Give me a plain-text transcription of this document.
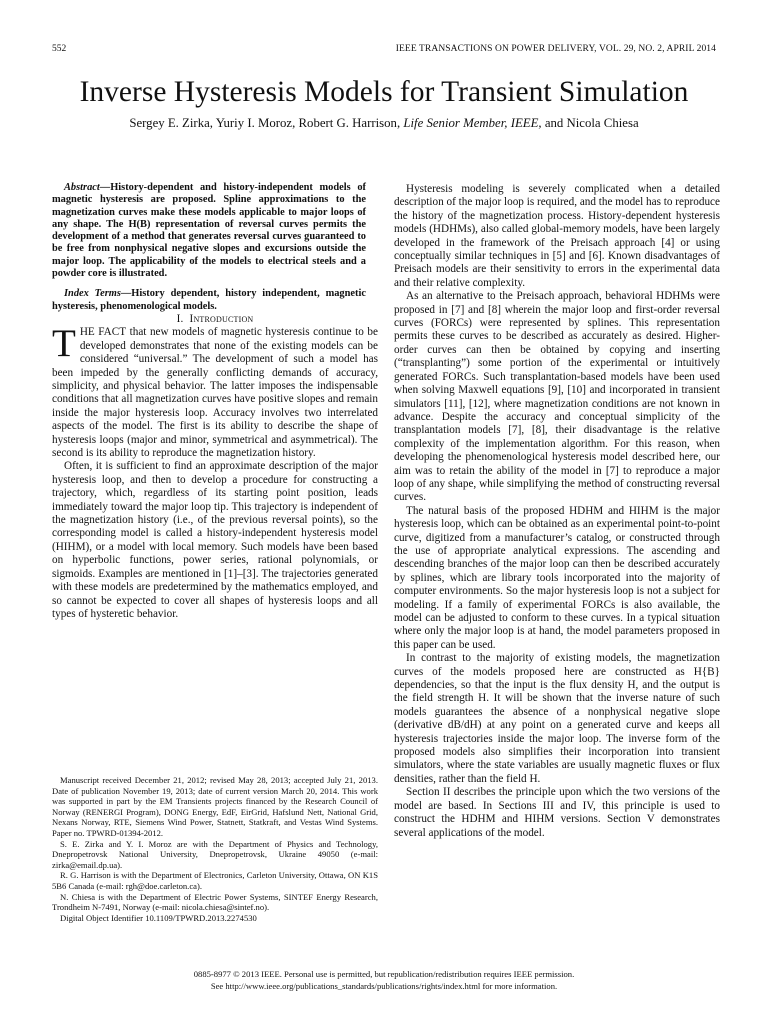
552	IEEE TRANSACTIONS ON POWER DELIVERY, VOL. 29, NO. 2, APRIL 2014
Inverse Hysteresis Models for Transient Simulation
Sergey E. Zirka, Yuriy I. Moroz, Robert G. Harrison, Life Senior Member, IEEE, and Nicola Chiesa

Abstract—History-dependent and history-independent models of magnetic hysteresis are proposed. Spline approximations to the magnetization curves make these models applicable to major loops of any shape. The H(B) representation of reversal curves permits the development of a method that generates reversal curves guaranteed to be free from nonphysical negative slopes and excursions outside the major loop. The applicability of the models to electrical steels and a powder core is illustrated.

Index Terms—History dependent, history independent, magnetic hysteresis, phenomenological models.

I. Introduction

THE FACT that new models of magnetic hysteresis continue to be developed demonstrates that none of the existing models can be considered “universal.” The development of such a model has been impeded by the generally conflicting demands of accuracy, simplicity, and physical behavior. The latter imposes the indispensable conditions that all magnetization curves have positive slopes and remain inside the major hysteresis loop. Accuracy involves two interrelated aspects of the model. The first is its ability to describe the shape of hysteresis loops (major and minor, symmetrical and asymmetrical). The second is its ability to reproduce the magnetization history.

Often, it is sufficient to find an approximate description of the major hysteresis loop, and then to develop a procedure for constructing a trajectory, which, regardless of its starting point position, leads immediately toward the major loop tip. This trajectory is independent of the magnetization history (i.e., of the previous reversal points), so the corresponding model is called a history-independent hysteresis model (HIHM), or a model with local memory. Such models have been based on hyperbolic functions, power series, rational polynomials, or sigmoids. Examples are mentioned in [1]–[3]. The trajectories generated with these models are predetermined by the mathematics employed, and so cannot be expected to cover all shapes of hysteresis loops and all types of hysteretic behavior.

Manuscript received December 21, 2012; revised May 28, 2013; accepted July 21, 2013. Date of publication November 19, 2013; date of current version March 20, 2014. This work was supported in part by the EM Transients projects financed by the Research Council of Norway (RENERGI Program), DONG Energy, EdF, EirGrid, Hafslund Nett, National Grid, Nexans Norway, RTE, Siemens Wind Power, Statnett, Statkraft, and Vestas Wind Systems. Paper no. TPWRD-01394-2012.

S. E. Zirka and Y. I. Moroz are with the Department of Physics and Technology, Dnepropetrovsk National University, Dnepropetrovsk, Ukraine 49050 (e-mail: zirka@email.dp.ua).

R. G. Harrison is with the Department of Electronics, Carleton University, Ottawa, ON K1S 5B6 Canada (e-mail: rgh@doe.carleton.ca).

N. Chiesa is with the Department of Electric Power Systems, SINTEF Energy Research, Trondheim N-7491, Norway (e-mail: nicola.chiesa@sintef.no).

Digital Object Identifier 10.1109/TPWRD.2013.2274530

Hysteresis modeling is severely complicated when a detailed description of the major loop is required, and the model has to reproduce the history of the magnetization process. History-dependent hysteresis models (HDHMs), also called global-memory models, have been largely developed in the framework of the Preisach approach [4] or using conceptually similar techniques in [5] and [6]. Known disadvantages of Preisach models are their sensitivity to errors in the experimental data and their relative complexity.

As an alternative to the Preisach approach, behavioral HDHMs were proposed in [7] and [8] wherein the major loop and first-order reversal curves (FORCs) were represented by splines. This representation permits these curves to be described as accurately as desired. Higher-order curves can then be obtained by copying and inserting (“transplanting”) some portion of the experimental or intuitively generated FORCs. Such transplantation-based models have been used when solving Maxwell equations [9], [10] and incorporated in transient simulators [11], [12], where magnetization conditions are not known in advance. Despite the accuracy and conceptual simplicity of the transplantation models [7], [8], their disadvantage is the relative complexity of the implementation algorithm. For this reason, when developing the phenomenological hysteresis model described here, our aim was to retain the ability of the model in [7] to reproduce a major loop of any shape, while simplifying the method of constructing reversal curves.

The natural basis of the proposed HDHM and HIHM is the major hysteresis loop, which can be obtained as an experimental point-to-point curve, digitized from a manufacturer’s catalog, or constructed through the use of appropriate analytical expressions. The ascending and descending branches of the major loop can then be described accurately by splines, which are library tools incorporated into the majority of computer environments. So the major hysteresis loop is not a subject for modeling. If a family of experimental FORCs is also available, the model can be adjusted to conform to these curves. In a typical situation where only the major loop is at hand, the model parameters proposed in this paper can be used.

In contrast to the majority of existing models, the magnetization curves of the models proposed here are constructed as H{B} dependencies, so that the input is the flux density H, and the output is the field strength H. It will be shown that the inverse nature of such models guarantees the absence of a nonphysical negative slope (derivative dB/dH) at any point on a generated curve and keeps all hysteresis trajectories inside the major loop. The inverse form of the proposed models also simplifies their incorporation into transient simulators, where the state variables are usually magnetic fluxes or flux densities, rather than the field H.

Section II describes the principle upon which the two versions of the model are based. In Sections III and IV, this principle is used to construct the HDHM and HIHM versions. Section V demonstrates several applications of the model.

0885-8977 © 2013 IEEE. Personal use is permitted, but republication/redistribution requires IEEE permission.
See http://www.ieee.org/publications_standards/publications/rights/index.html for more information.
